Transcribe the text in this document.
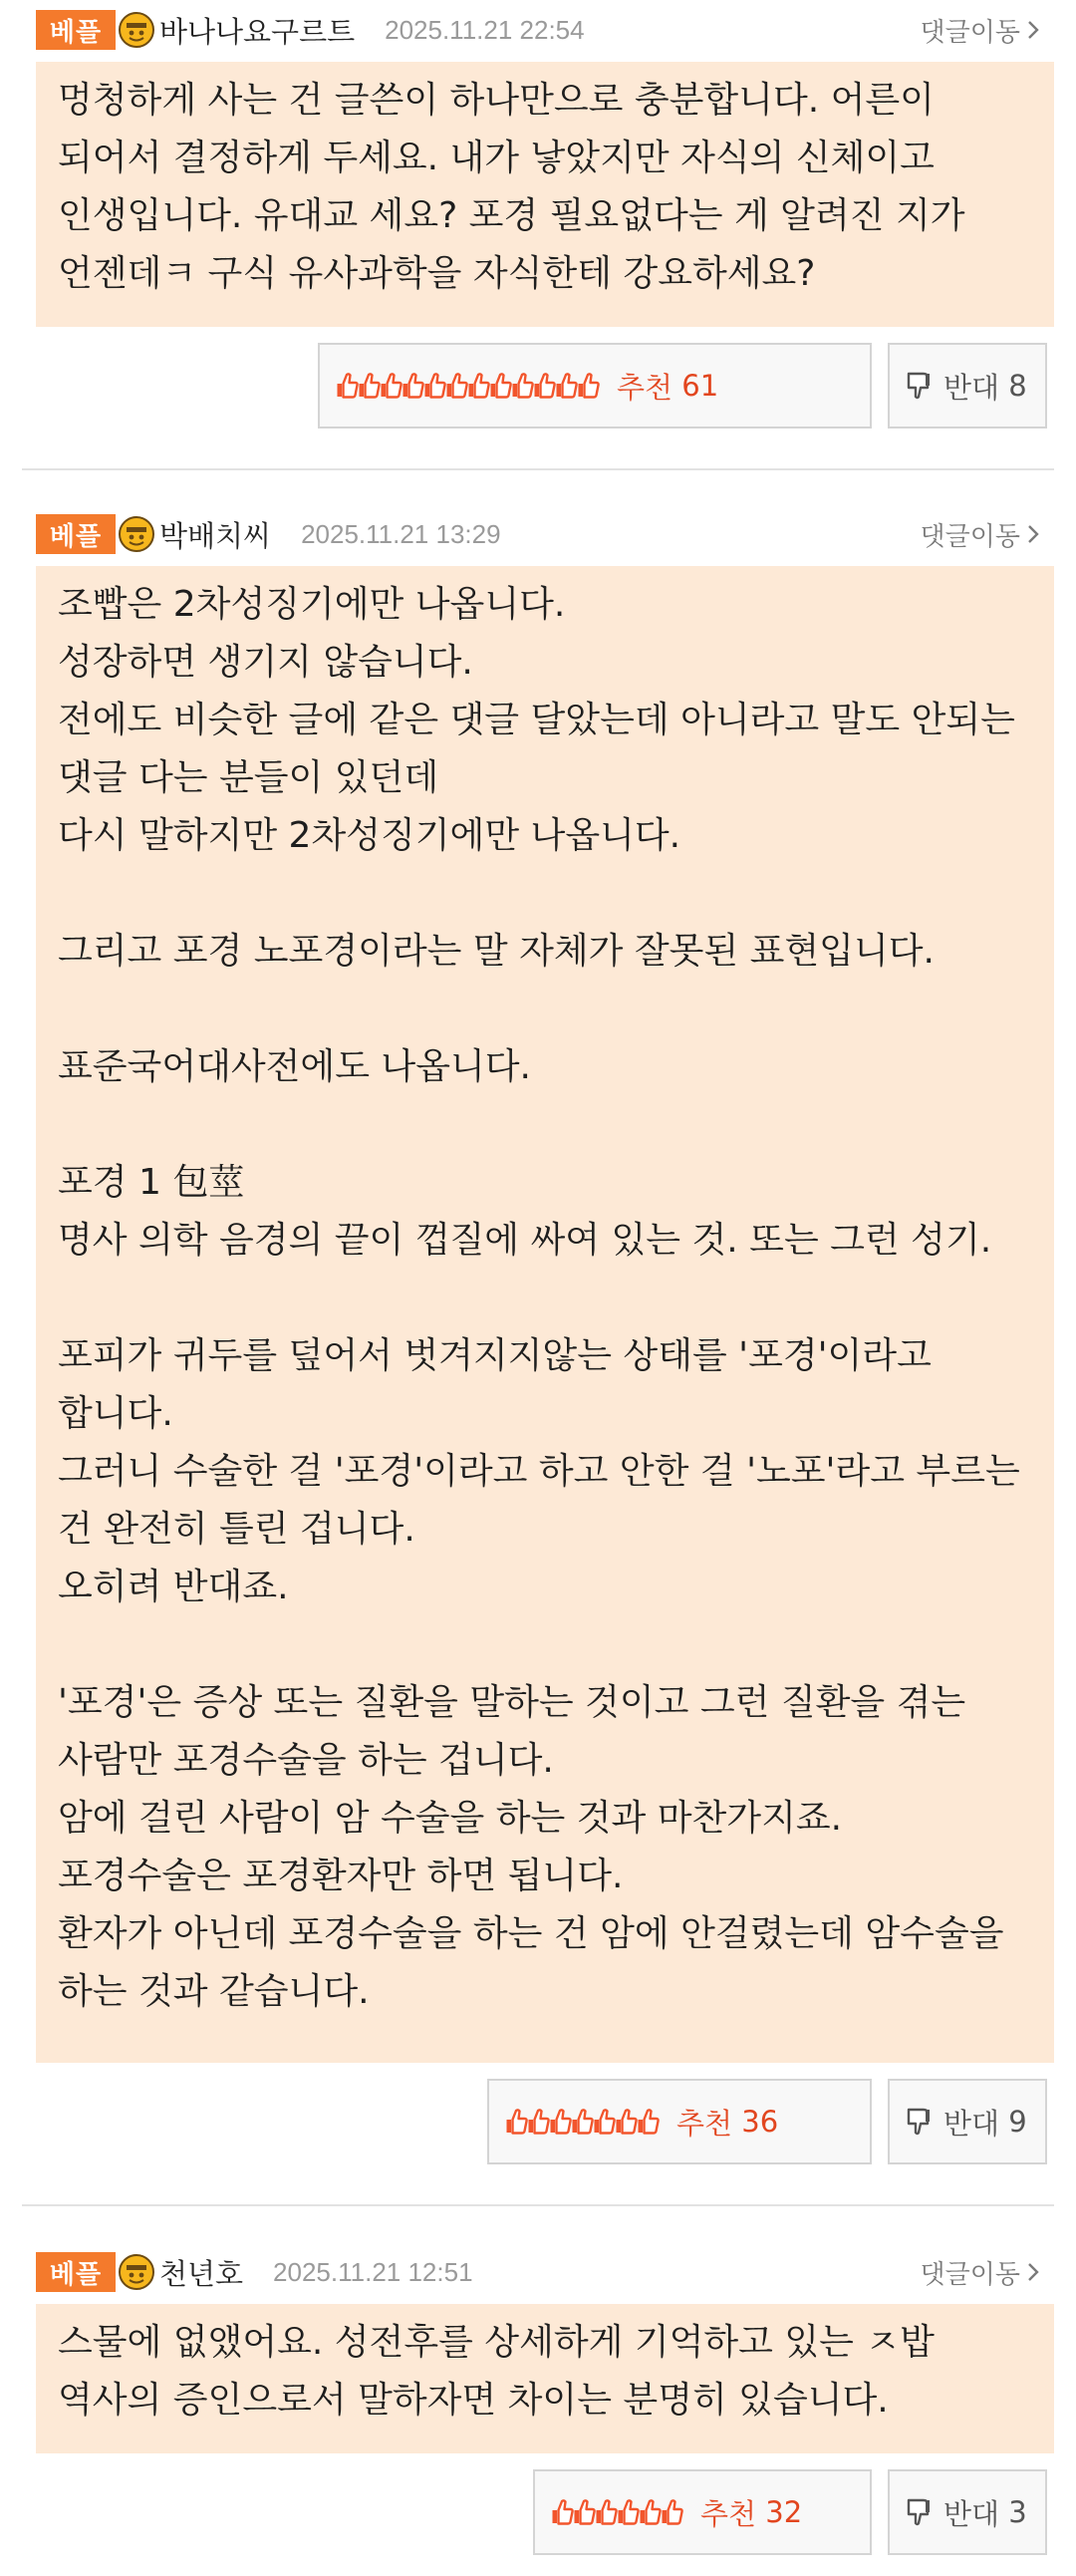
베플	바나나요구르트 2025.11.21 22:54	댓글이동

멍청하게 사는 건 글쓴이 하나만으로 충분합니다. 어른이 되어서 결정하게 두세요. 내가 낳았지만 자식의 신체이고 인생입니다. 유대교 세요? 포경 필요없다는 게 알려진 지가 언젠데ㅋ 구식 유사과학을 자식한테 강요하세요?

추천
61	반대
8
베플	박배치씨 2025.11.21 13:29	댓글이동

조빱은 2차성징기에만 나옵니다.
성장하면 생기지 않습니다.
전에도 비슷한 글에 같은 댓글 달았는데 아니라고 말도 안되는 댓글 다는 분들이 있던데
다시 말하지만 2차성징기에만 나옵니다.

그리고 포경 노포경이라는 말 자체가 잘못된 표현입니다.

표준국어대사전에도 나옵니다.

포경 1 包莖
명사 의학 음경의 끝이 껍질에 싸여 있는 것. 또는 그런 성기.

포피가 귀두를 덮어서 벗겨지지않는 상태를 '포경'이라고 합니다.
그러니 수술한 걸 '포경'이라고 하고 안한 걸 '노포'라고 부르는 건 완전히 틀린 겁니다.
오히려 반대죠.

'포경'은 증상 또는 질환을 말하는 것이고 그런 질환을 겪는 사람만 포경수술을 하는 겁니다.
암에 걸린 사람이 암 수술을 하는 것과 마찬가지죠.
포경수술은 포경환자만 하면 됩니다.
환자가 아닌데 포경수술을 하는 건 암에 안걸렸는데 암수술을 하는 것과 같습니다.

추천
36	반대
9
베플	천년호 2025.11.21 12:51	댓글이동

스물에 없앴어요. 성전후를 상세하게 기억하고 있는 ㅈ밥 역사의 증인으로서 말하자면 차이는 분명히 있습니다.

추천
32	반대
3
